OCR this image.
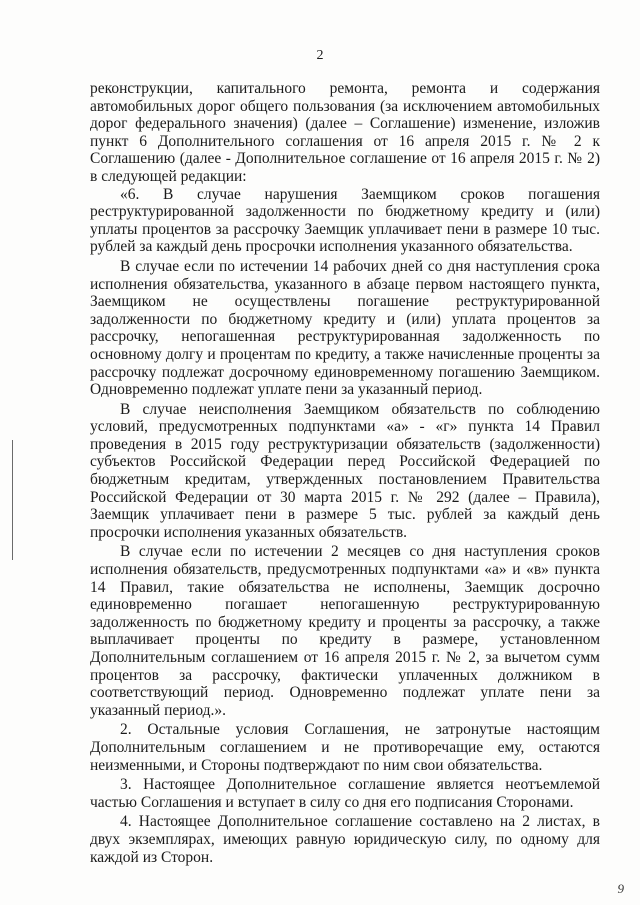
2

реконструкции, капитального ремонта, ремонта и содержания автомобильных дорог общего пользования (за исключением автомобильных дорог федерального значения) (далее – Соглашение) изменение, изложив пункт 6 Дополнительного соглашения от 16 апреля 2015 г. № 2 к Соглашению (далее - Дополнительное соглашение от 16 апреля 2015 г. № 2) в следующей редакции:

«6. В случае нарушения Заемщиком сроков погашения реструктурированной задолженности по бюджетному кредиту и (или) уплаты процентов за рассрочку Заемщик уплачивает пени в размере 10 тыс. рублей за каждый день просрочки исполнения указанного обязательства.

В случае если по истечении 14 рабочих дней со дня наступления срока исполнения обязательства, указанного в абзаце первом настоящего пункта, Заемщиком не осуществлены погашение реструктурированной задолженности по бюджетному кредиту и (или) уплата процентов за рассрочку, непогашенная реструктурированная задолженность по основному долгу и процентам по кредиту, а также начисленные проценты за рассрочку подлежат досрочному единовременному погашению Заемщиком. Одновременно подлежат уплате пени за указанный период.

В случае неисполнения Заемщиком обязательств по соблюдению условий, предусмотренных подпунктами «а» - «г» пункта 14 Правил проведения в 2015 году реструктуризации обязательств (задолженности) субъектов Российской Федерации перед Российской Федерацией по бюджетным кредитам, утвержденных постановлением Правительства Российской Федерации от 30 марта 2015 г. № 292 (далее – Правила), Заемщик уплачивает пени в размере 5 тыс. рублей за каждый день просрочки исполнения указанных обязательств.

В случае если по истечении 2 месяцев со дня наступления сроков исполнения обязательств, предусмотренных подпунктами «а» и «в» пункта 14 Правил, такие обязательства не исполнены, Заемщик досрочно единовременно погашает непогашенную реструктурированную задолженность по бюджетному кредиту и проценты за рассрочку, а также выплачивает проценты по кредиту в размере, установленном Дополнительным соглашением от 16 апреля 2015 г. № 2, за вычетом сумм процентов за рассрочку, фактически уплаченных должником в соответствующий период. Одновременно подлежат уплате пени за указанный период.».

2. Остальные условия Соглашения, не затронутые настоящим Дополнительным соглашением и не противоречащие ему, остаются неизменными, и Стороны подтверждают по ним свои обязательства.

3. Настоящее Дополнительное соглашение является неотъемлемой частью Соглашения и вступает в силу со дня его подписания Сторонами.

4. Настоящее Дополнительное соглашение составлено на 2 листах, в двух экземплярах, имеющих равную юридическую силу, по одному для каждой из Сторон.

9
